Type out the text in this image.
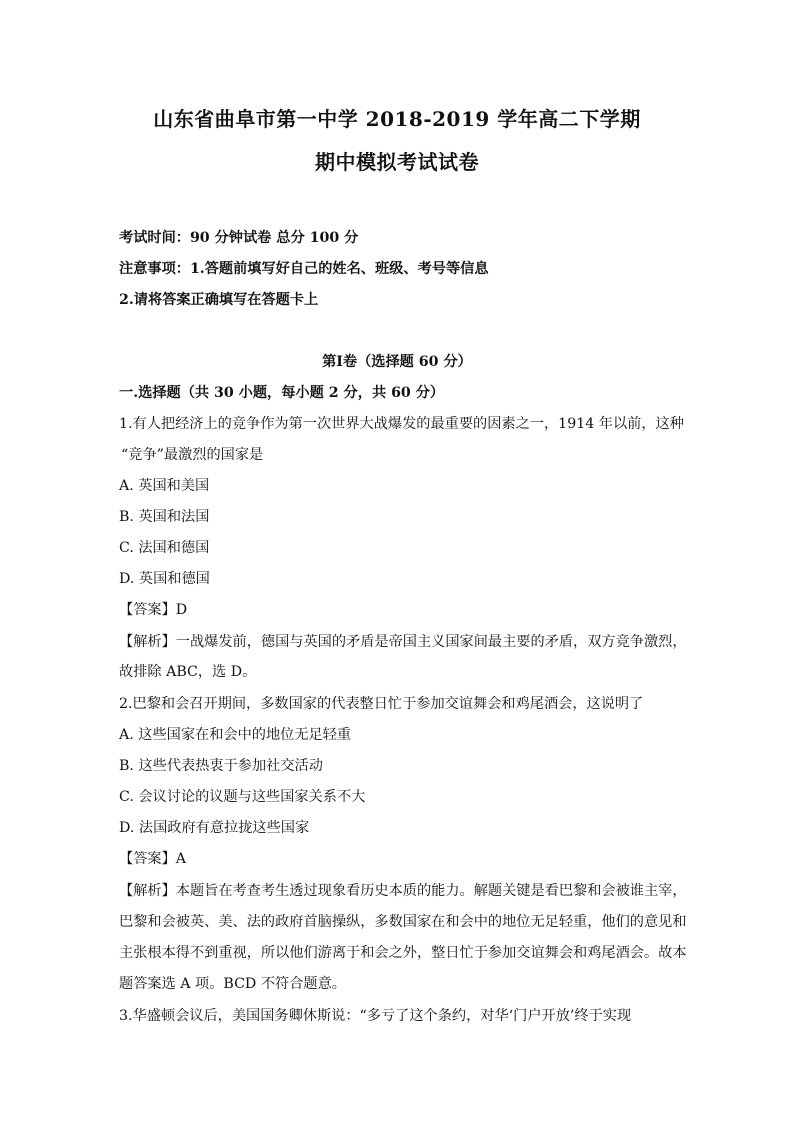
山东省曲阜市第一中学 2018-2019 学年高二下学期
期中模拟考试试卷
考试时间：90 分钟试卷 总分 100 分
注意事项：1.答题前填写好自己的姓名、班级、考号等信息
2.请将答案正确填写在答题卡上
第Ⅰ卷（选择题 60 分）
一.选择题（共 30 小题，每小题 2 分，共 60 分）
1.有人把经济上的竞争作为第一次世界大战爆发的最重要的因素之一，1914 年以前，这种
“竞争”最激烈的国家是
A. 英国和美国
B. 英国和法国
C. 法国和德国
D. 英国和德国
【答案】D
【解析】一战爆发前，德国与英国的矛盾是帝国主义国家间最主要的矛盾，双方竞争激烈，
故排除 ABC，选 D。
2.巴黎和会召开期间，多数国家的代表整日忙于参加交谊舞会和鸡尾酒会，这说明了
A. 这些国家在和会中的地位无足轻重
B. 这些代表热衷于参加社交活动
C. 会议讨论的议题与这些国家关系不大
D. 法国政府有意拉拢这些国家
【答案】A
【解析】本题旨在考查考生透过现象看历史本质的能力。解题关键是看巴黎和会被谁主宰，
巴黎和会被英、美、法的政府首脑操纵，多数国家在和会中的地位无足轻重，他们的意见和
主张根本得不到重视，所以他们游离于和会之外，整日忙于参加交谊舞会和鸡尾酒会。故本
题答案选 A 项。BCD 不符合题意。
3.华盛顿会议后，美国国务卿休斯说：“多亏了这个条约，对华‘门户开放’终于实现
